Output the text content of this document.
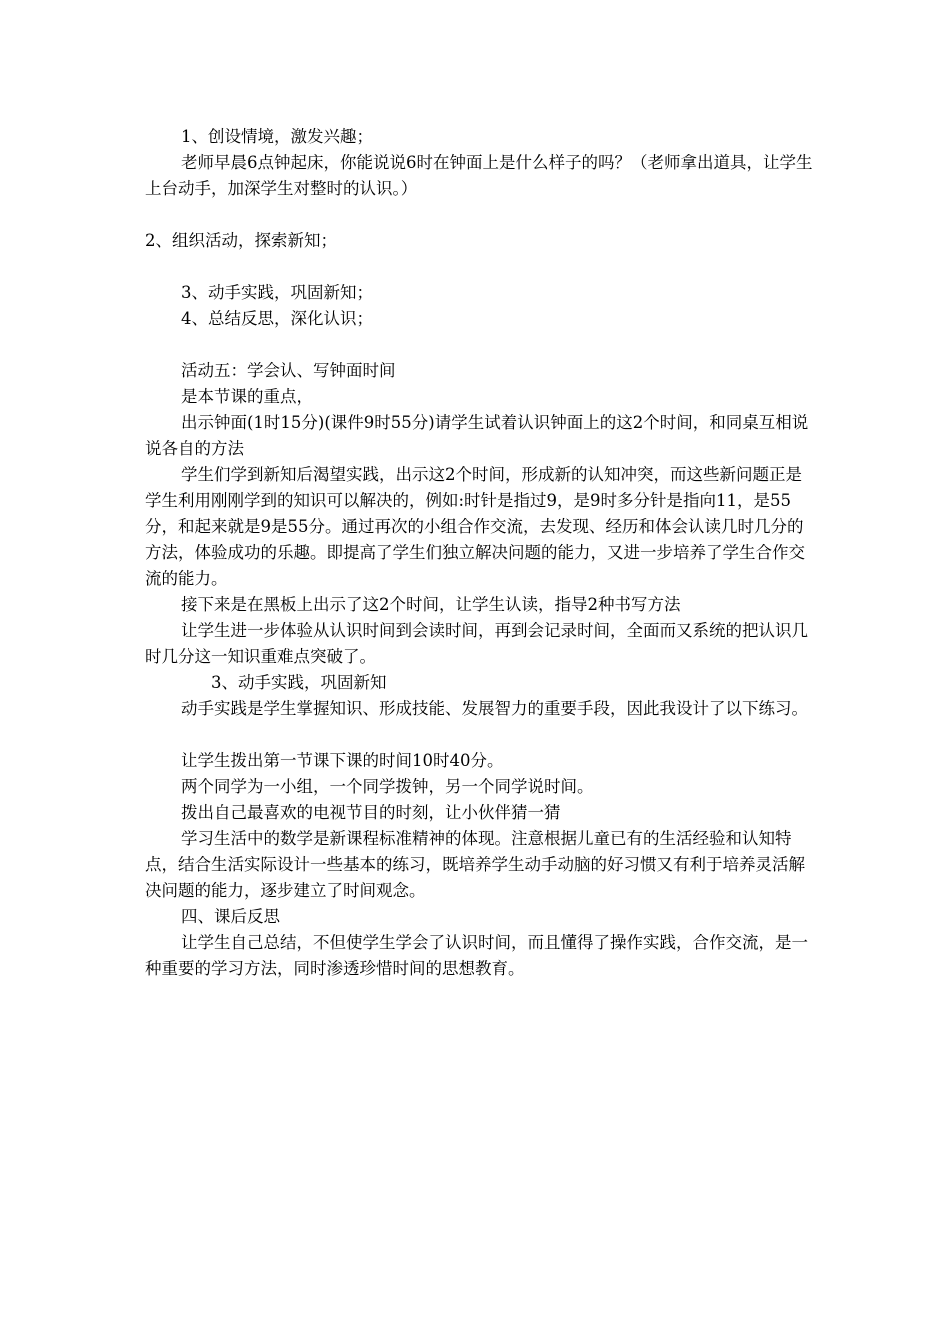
1、创设情境，激发兴趣；

老师早晨6点钟起床，你能说说6时在钟面上是什么样子的吗？（老师拿出道具，让学生上台动手，加深学生对整时的认识。）

2、组织活动，探索新知；

3、动手实践，巩固新知；

4、总结反思，深化认识；

活动五：学会认、写钟面时间

是本节课的重点，

出示钟面(1时15分)(课件9时55分)请学生试着认识钟面上的这2个时间，和同桌互相说说各自的方法

学生们学到新知后渴望实践，出示这2个时间，形成新的认知冲突，而这些新问题正是学生利用刚刚学到的知识可以解决的，例如:时针是指过9，是9时多分针是指向11，是55分，和起来就是9是55分。通过再次的小组合作交流，去发现、经历和体会认读几时几分的方法，体验成功的乐趣。即提高了学生们独立解决问题的能力，又进一步培养了学生合作交流的能力。

接下来是在黑板上出示了这2个时间，让学生认读，指导2种书写方法

让学生进一步体验从认识时间到会读时间，再到会记录时间，全面而又系统的把认识几时几分这一知识重难点突破了。

3、动手实践，巩固新知

动手实践是学生掌握知识、形成技能、发展智力的重要手段，因此我设计了以下练习。

让学生拨出第一节课下课的时间10时40分。

两个同学为一小组，一个同学拨钟，另一个同学说时间。

拨出自己最喜欢的电视节目的时刻，让小伙伴猜一猜

学习生活中的数学是新课程标准精神的体现。注意根据儿童已有的生活经验和认知特点，结合生活实际设计一些基本的练习，既培养学生动手动脑的好习惯又有利于培养灵活解决问题的能力，逐步建立了时间观念。

四、课后反思

让学生自己总结，不但使学生学会了认识时间，而且懂得了操作实践，合作交流，是一种重要的学习方法，同时渗透珍惜时间的思想教育。
